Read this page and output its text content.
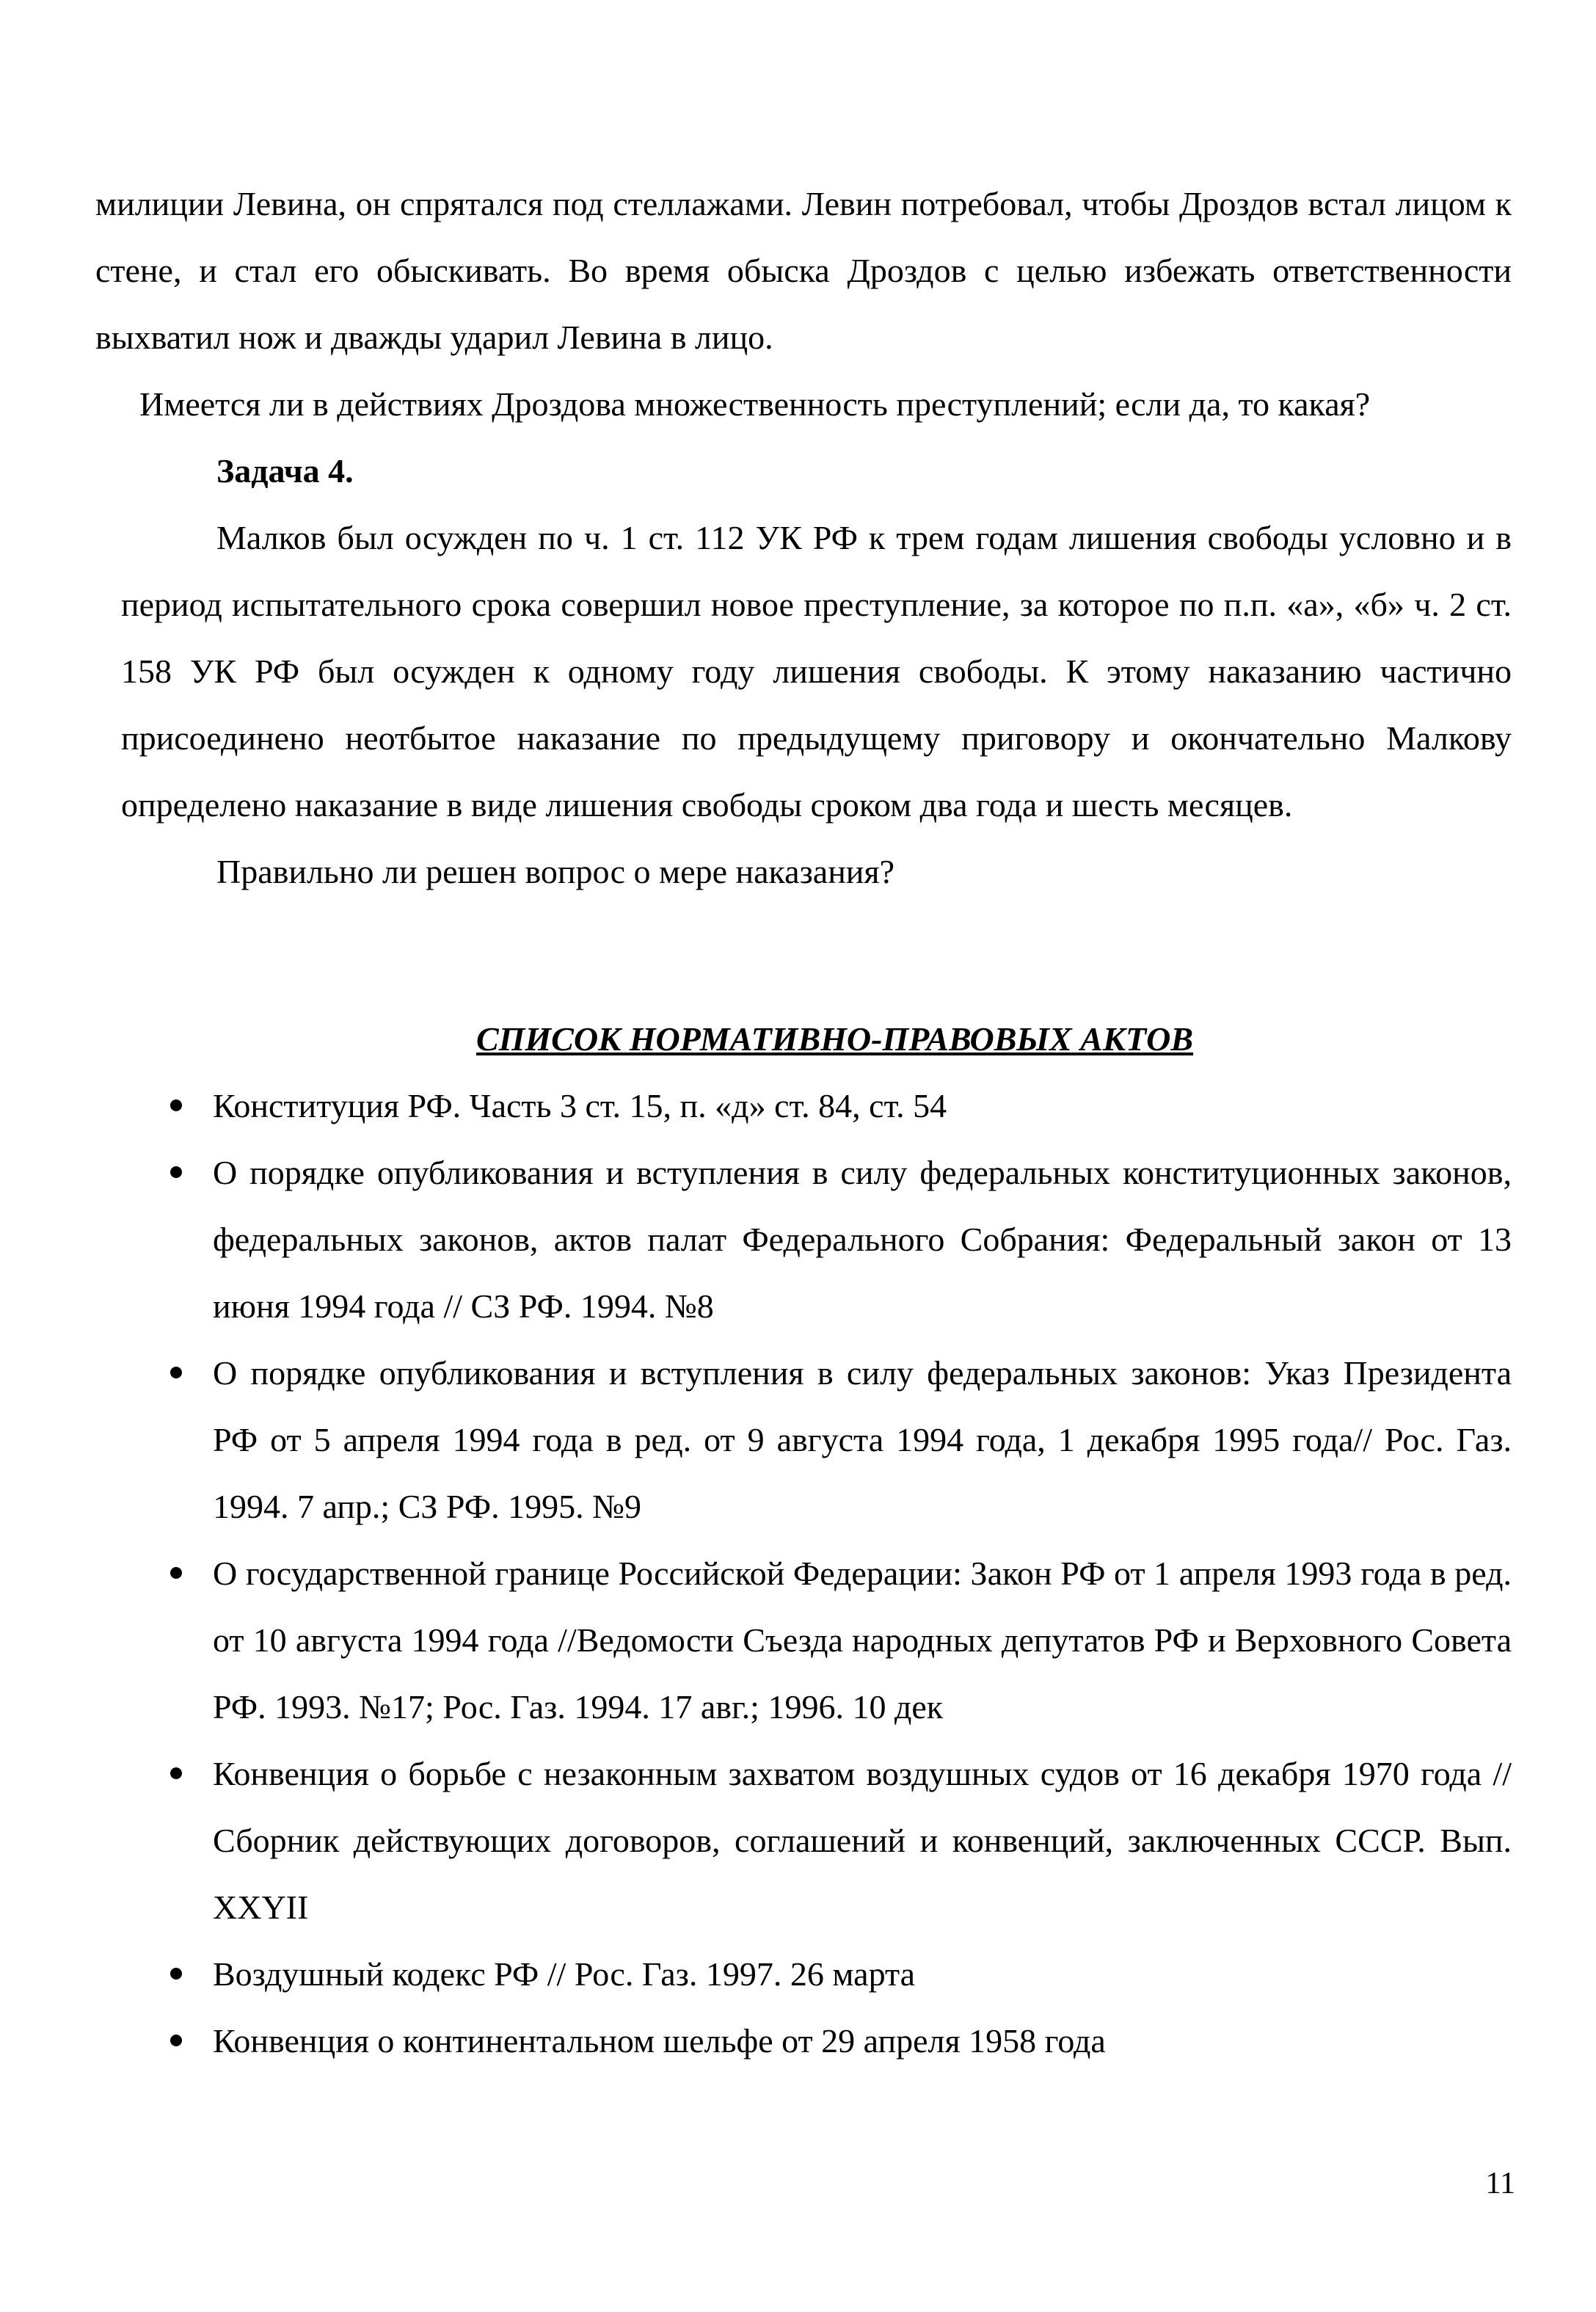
милиции Левина, он спрятался под стеллажами. Левин потребовал, чтобы Дроздов встал лицом к стене, и стал его обыскивать. Во время обыска Дроздов с целью избежать ответственности выхватил нож и дважды ударил Левина в лицо.

Имеется ли в действиях Дроздова множественность преступлений; если да, то какая?

Задача 4.

Малков был осужден по ч. 1 ст. 112 УК РФ к трем годам лишения свободы условно и в период испытательного срока совершил новое преступление, за которое по п.п. «а», «б» ч. 2 ст. 158 УК РФ был осужден к одному году лишения свободы. К этому наказанию частично присоединено неотбытое наказание по предыдущему приговору и окончательно Малкову определено наказание в виде лишения свободы сроком два года и шесть месяцев.

Правильно ли решен вопрос о мере наказания?

СПИСОК НОРМАТИВНО-ПРАВОВЫХ АКТОВ
Конституция РФ. Часть 3 ст. 15, п. «д» ст. 84, ст. 54
О порядке опубликования и вступления в силу федеральных конституционных законов, федеральных законов, актов палат Федерального Собрания: Федеральный закон от 13 июня 1994 года // СЗ РФ. 1994. №8
О порядке опубликования и вступления в силу федеральных законов: Указ Президента РФ от 5 апреля 1994 года в ред. от 9 августа 1994 года, 1 декабря 1995 года// Рос. Газ. 1994. 7 апр.; СЗ РФ. 1995. №9
О государственной границе Российской Федерации: Закон РФ от 1 апреля 1993 года в ред. от 10 августа 1994 года //Ведомости Съезда народных депутатов РФ и Верховного Совета РФ. 1993. №17; Рос. Газ. 1994. 17 авг.; 1996. 10 дек
Конвенция о борьбе с незаконным захватом воздушных судов от 16 декабря 1970 года // Сборник действующих договоров, соглашений и конвенций, заключенных СССР. Вып. XXYII
Воздушный кодекс РФ // Рос. Газ. 1997. 26 марта
Конвенция о континентальном шельфе от 29 апреля 1958 года
11
